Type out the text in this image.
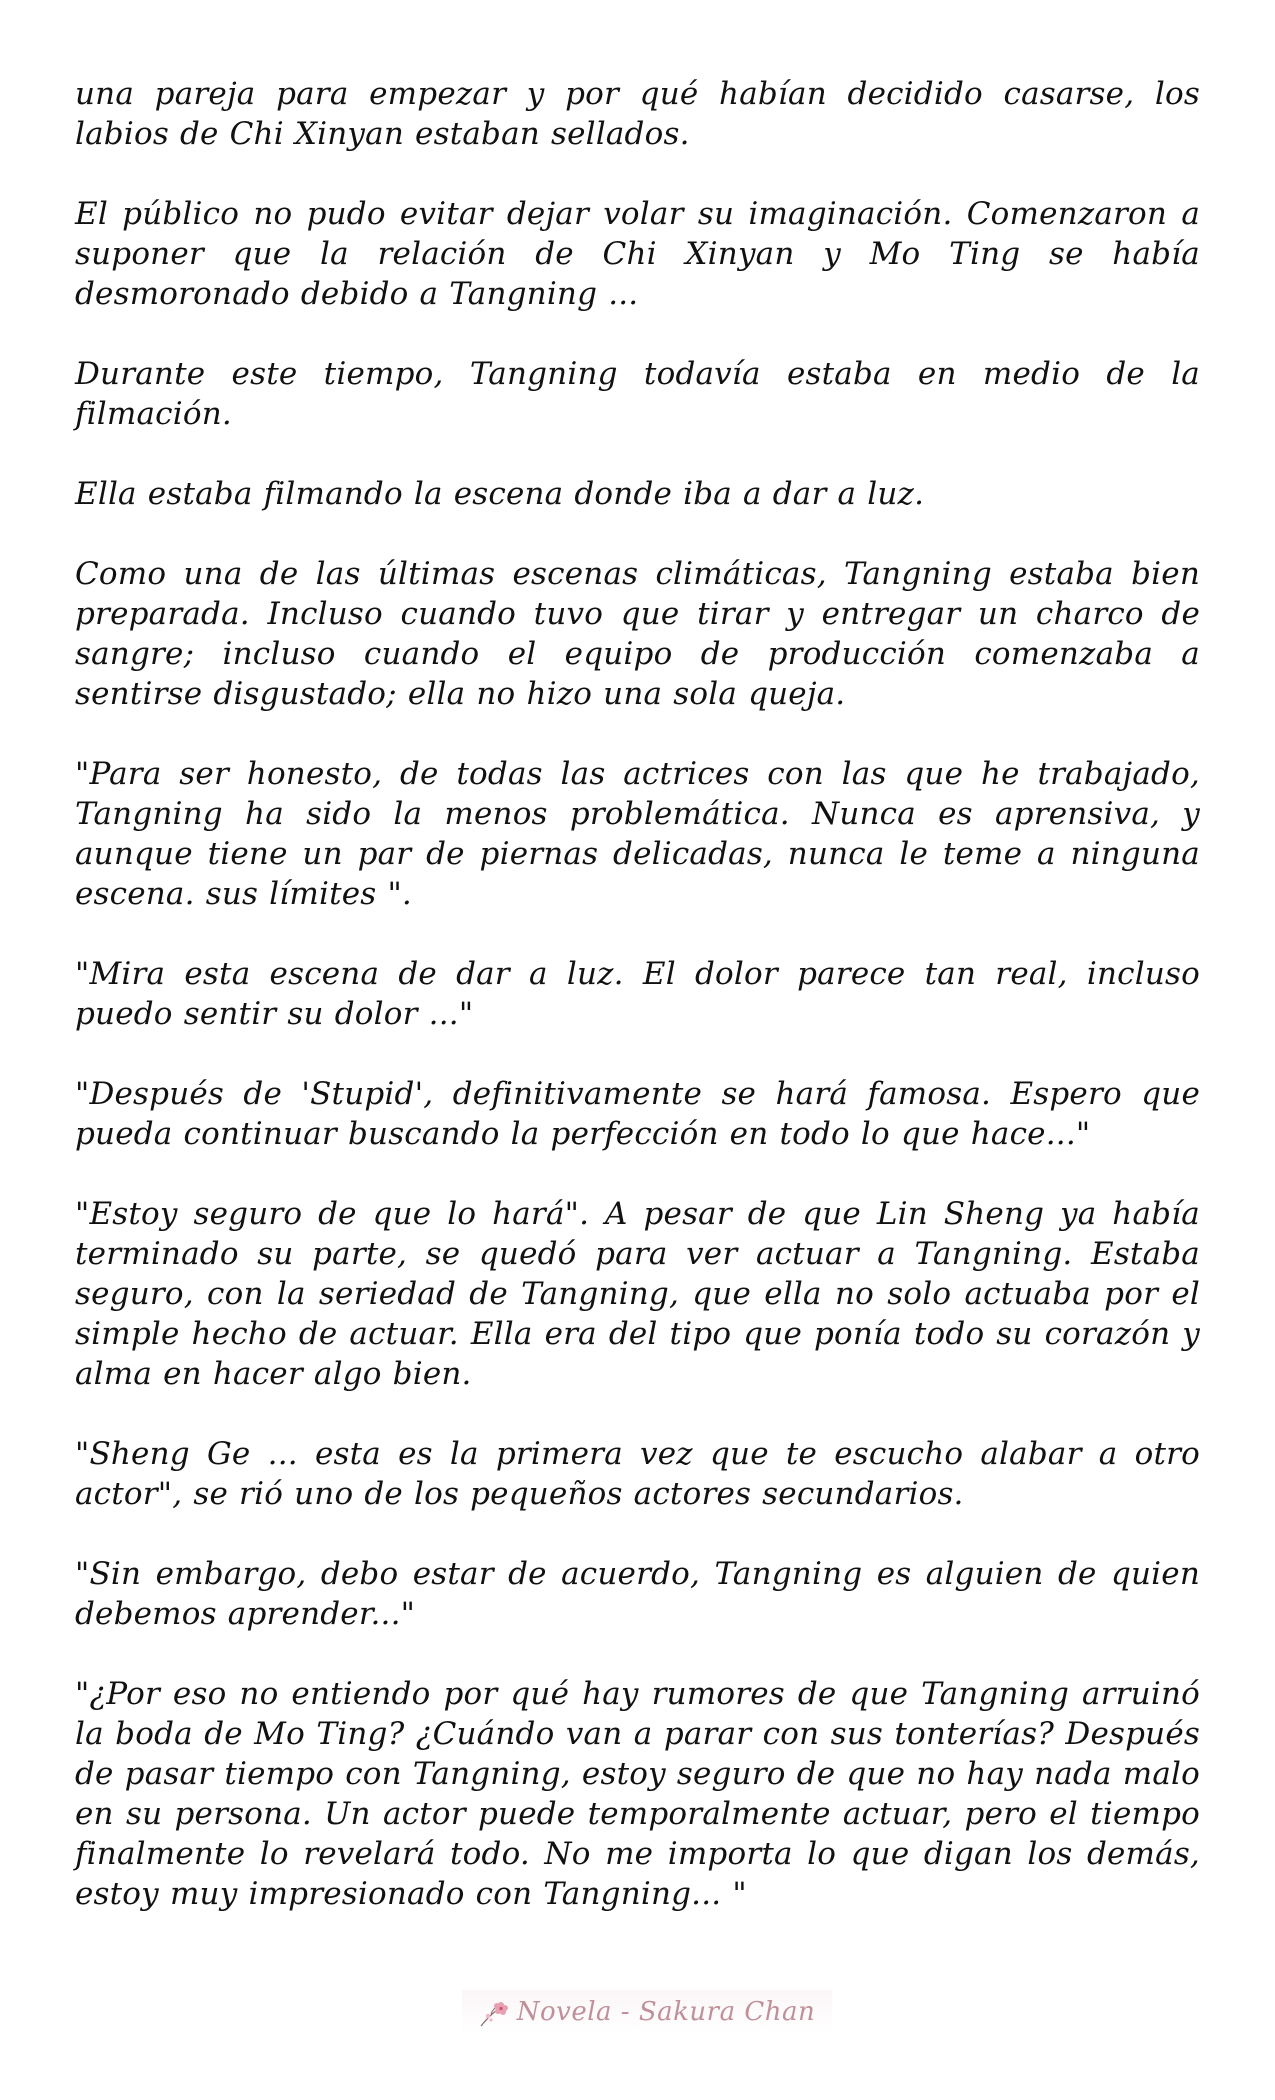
una pareja para empezar y por qué habían decidido casarse, los labios de Chi Xinyan estaban sellados.

El público no pudo evitar dejar volar su imaginación. Comenzaron a suponer que la relación de Chi Xinyan y Mo Ting se había desmoronado debido a Tangning ...

Durante este tiempo, Tangning todavía estaba en medio de la filmación.

Ella estaba filmando la escena donde iba a dar a luz.

Como una de las últimas escenas climáticas, Tangning estaba bien preparada. Incluso cuando tuvo que tirar y entregar un charco de sangre; incluso cuando el equipo de producción comenzaba a sentirse disgustado; ella no hizo una sola queja.

"Para ser honesto, de todas las actrices con las que he trabajado, Tangning ha sido la menos problemática. Nunca es aprensiva, y aunque tiene un par de piernas delicadas, nunca le teme a ninguna escena. sus límites ".

"Mira esta escena de dar a luz. El dolor parece tan real, incluso puedo sentir su dolor ..."

"Después de 'Stupid', definitivamente se hará famosa. Espero que pueda continuar buscando la perfección en todo lo que hace..."

"Estoy seguro de que lo hará". A pesar de que Lin Sheng ya había terminado su parte, se quedó para ver actuar a Tangning. Estaba seguro, con la seriedad de Tangning, que ella no solo actuaba por el simple hecho de actuar. Ella era del tipo que ponía todo su corazón y alma en hacer algo bien.

"Sheng Ge ... esta es la primera vez que te escucho alabar a otro actor", se rió uno de los pequeños actores secundarios.

"Sin embargo, debo estar de acuerdo, Tangning es alguien de quien debemos aprender..."

"¿Por eso no entiendo por qué hay rumores de que Tangning arruinó la boda de Mo Ting? ¿Cuándo van a parar con sus tonterías? Después de pasar tiempo con Tangning, estoy seguro de que no hay nada malo en su persona. Un actor puede temporalmente actuar, pero el tiempo finalmente lo revelará todo. No me importa lo que digan los demás, estoy muy impresionado con Tangning... "

Novela - Sakura Chan
